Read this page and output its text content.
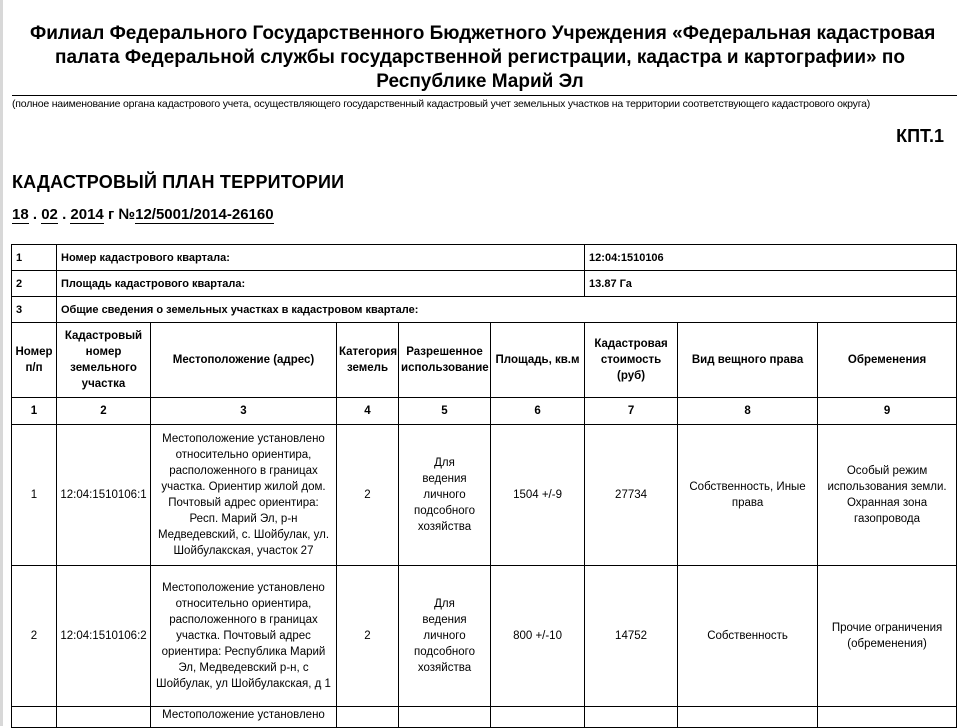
Филиал Федерального Государственного Бюджетного Учреждения «Федеральная кадастровая
палата Федеральной службы государственной регистрации, кадастра и картографии» по
Республике Марий Эл
(полное наименование органа кадастрового учета, осуществляющего государственный кадастровый учет земельных участков на территории соответствующего кадастрового округа)
КПТ.1
КАДАСТРОВЫЙ ПЛАН ТЕРРИТОРИИ
18 . 02 . 2014 г №12/5001/2014-26160
1	Номер кадастрового квартала:					12:04:1510106		
2	Площадь кадастрового квартала:					13.87 Га		
3	Общие сведения о земельных участках в кадастровом квартале:							
Номер п/п	Кадастровый номер земельного участка	Местоположение (адрес)	Категория земель	Разрешенное использование	Площадь, кв.м	Кадастровая стоимость (руб)	Вид вещного права	Обременения
1	2	3	4	5	6	7	8	9
1	12:04:1510106:1	Местоположение установлено относительно ориентира, расположенного в границах участка. Ориентир жилой дом. Почтовый адрес ориентира: Респ. Марий Эл, р-н Медведевский, с. Шойбулак, ул. Шойбулакская, участок 27	2	Для ведения личного подсобного хозяйства	1504 +/-9	27734	Собственность, Иные права	Особый режим использования земли. Охранная зона газопровода
2	12:04:1510106:2	Местоположение установлено относительно ориентира, расположенного в границах участка. Почтовый адрес ориентира: Республика Марий Эл, Медведевский р-н, с Шойбулак, ул Шойбулакская, д 1	2	Для ведения личного подсобного хозяйства	800 +/-10	14752	Собственность	Прочие ограничения (обременения)

		Местоположение установлено						
